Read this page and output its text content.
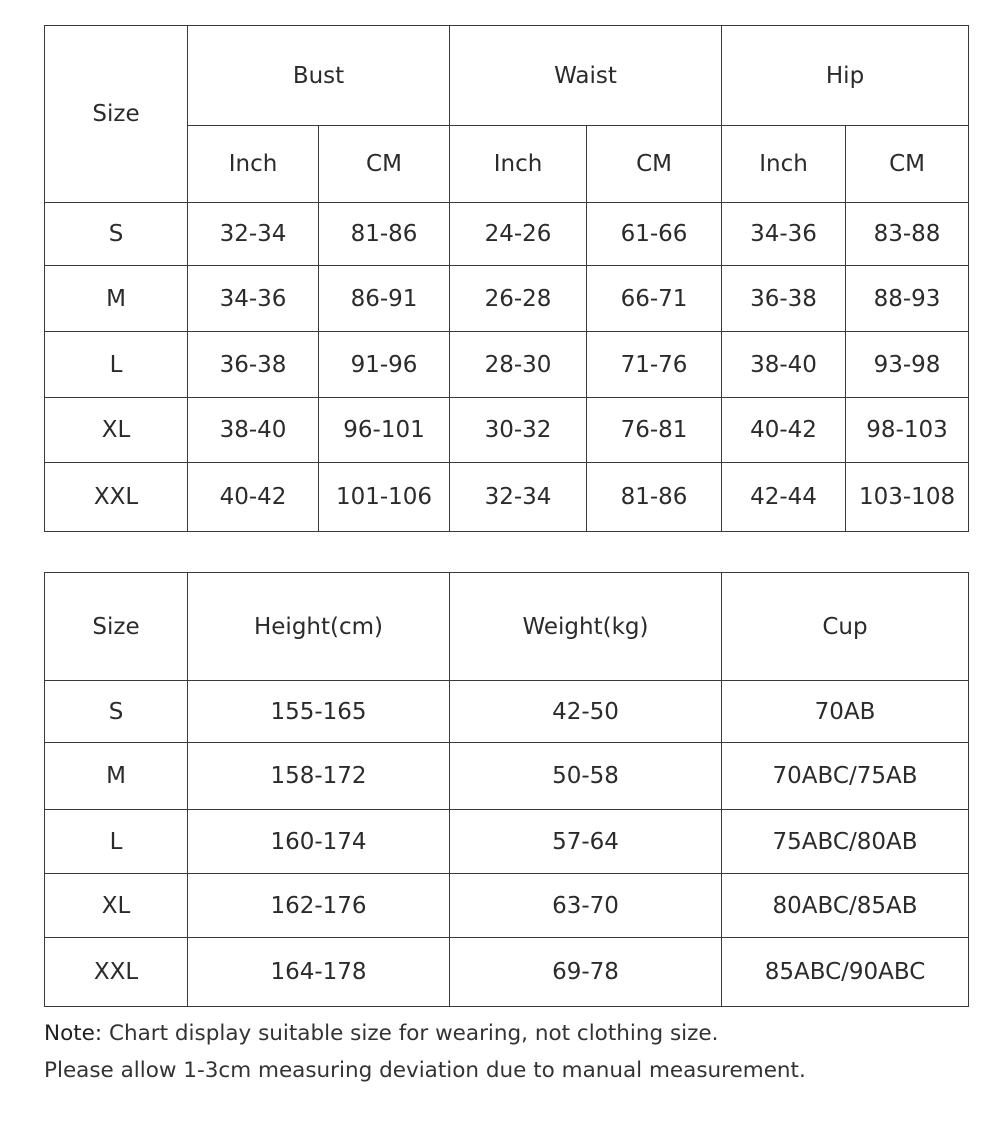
Size	Bust		Waist		Hip	
	Inch	CM	Inch	CM	Inch	CM
S	32-34	81-86	24-26	61-66	34-36	83-88
M	34-36	86-91	26-28	66-71	36-38	88-93
L	36-38	91-96	28-30	71-76	38-40	93-98
XL	38-40	96-101	30-32	76-81	40-42	98-103
XXL	40-42	101-106	32-34	81-86	42-44	103-108
Size	Height(cm)	Weight(kg)	Cup
S	155-165	42-50	70AB
M	158-172	50-58	70ABC/75AB
L	160-174	57-64	75ABC/80AB
XL	162-176	63-70	80ABC/85AB
XXL	164-178	69-78	85ABC/90ABC
Note: Chart display suitable size for wearing, not clothing size.
Please allow 1-3cm measuring deviation due to manual measurement.
